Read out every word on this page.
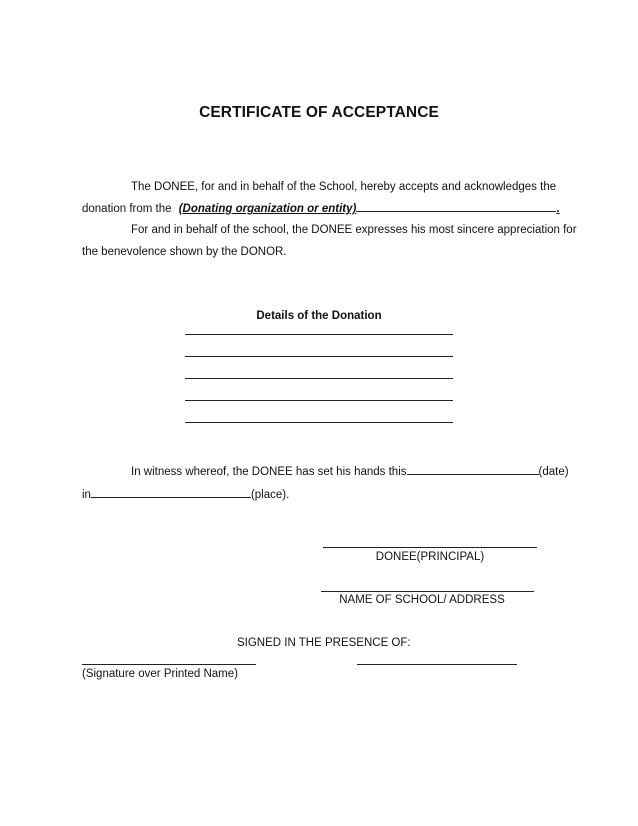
CERTIFICATE OF ACCEPTANCE
The DONEE, for and in behalf of the School, hereby accepts and acknowledges the
donation from the (Donating organization or entity)	.
For and in behalf of the school, the DONEE expresses his most sincere appreciation for
the benevolence shown by the DONOR.
Details of the Donation
In witness whereof, the DONEE has set his hands this	(date)
in	(place).
DONEE(PRINCIPAL)
NAME OF SCHOOL/ ADDRESS
SIGNED IN THE PRESENCE OF:
(Signature over Printed Name)
